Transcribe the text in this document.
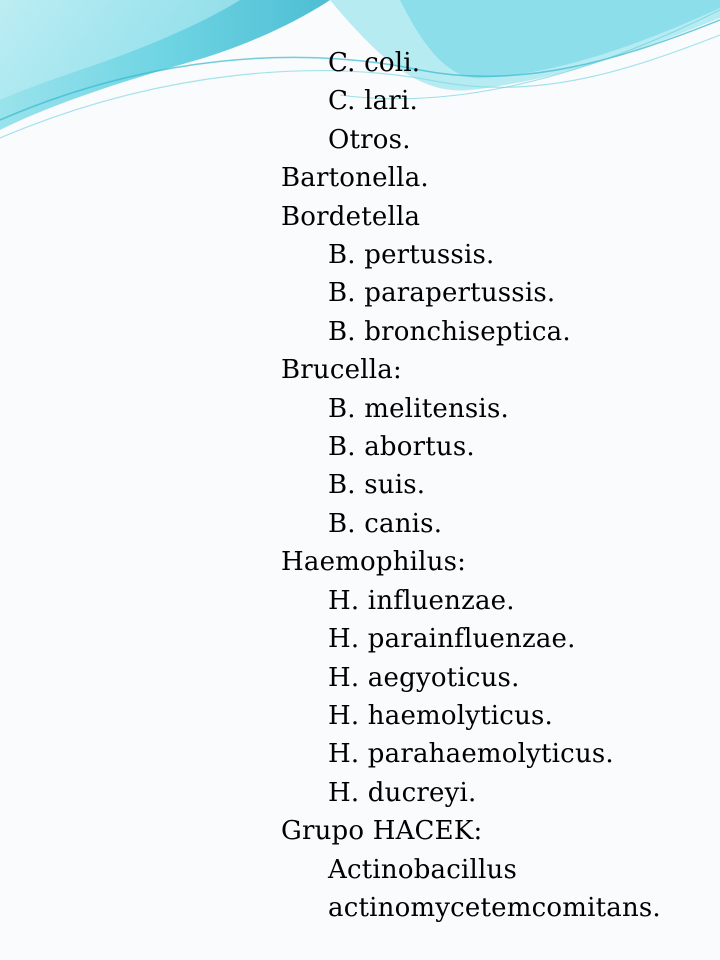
C. coli.
C. lari.
Otros.
Bartonella.
Bordetella
B. pertussis.
B. parapertussis.
B. bronchiseptica.
Brucella:
B. melitensis.
B. abortus.
B. suis.
B. canis.
Haemophilus:
H. influenzae.
H. parainfluenzae.
H. aegyoticus.
H. haemolyticus.
H. parahaemolyticus.
H. ducreyi.
Grupo HACEK:
Actinobacillus
actinomycetemcomitans.
